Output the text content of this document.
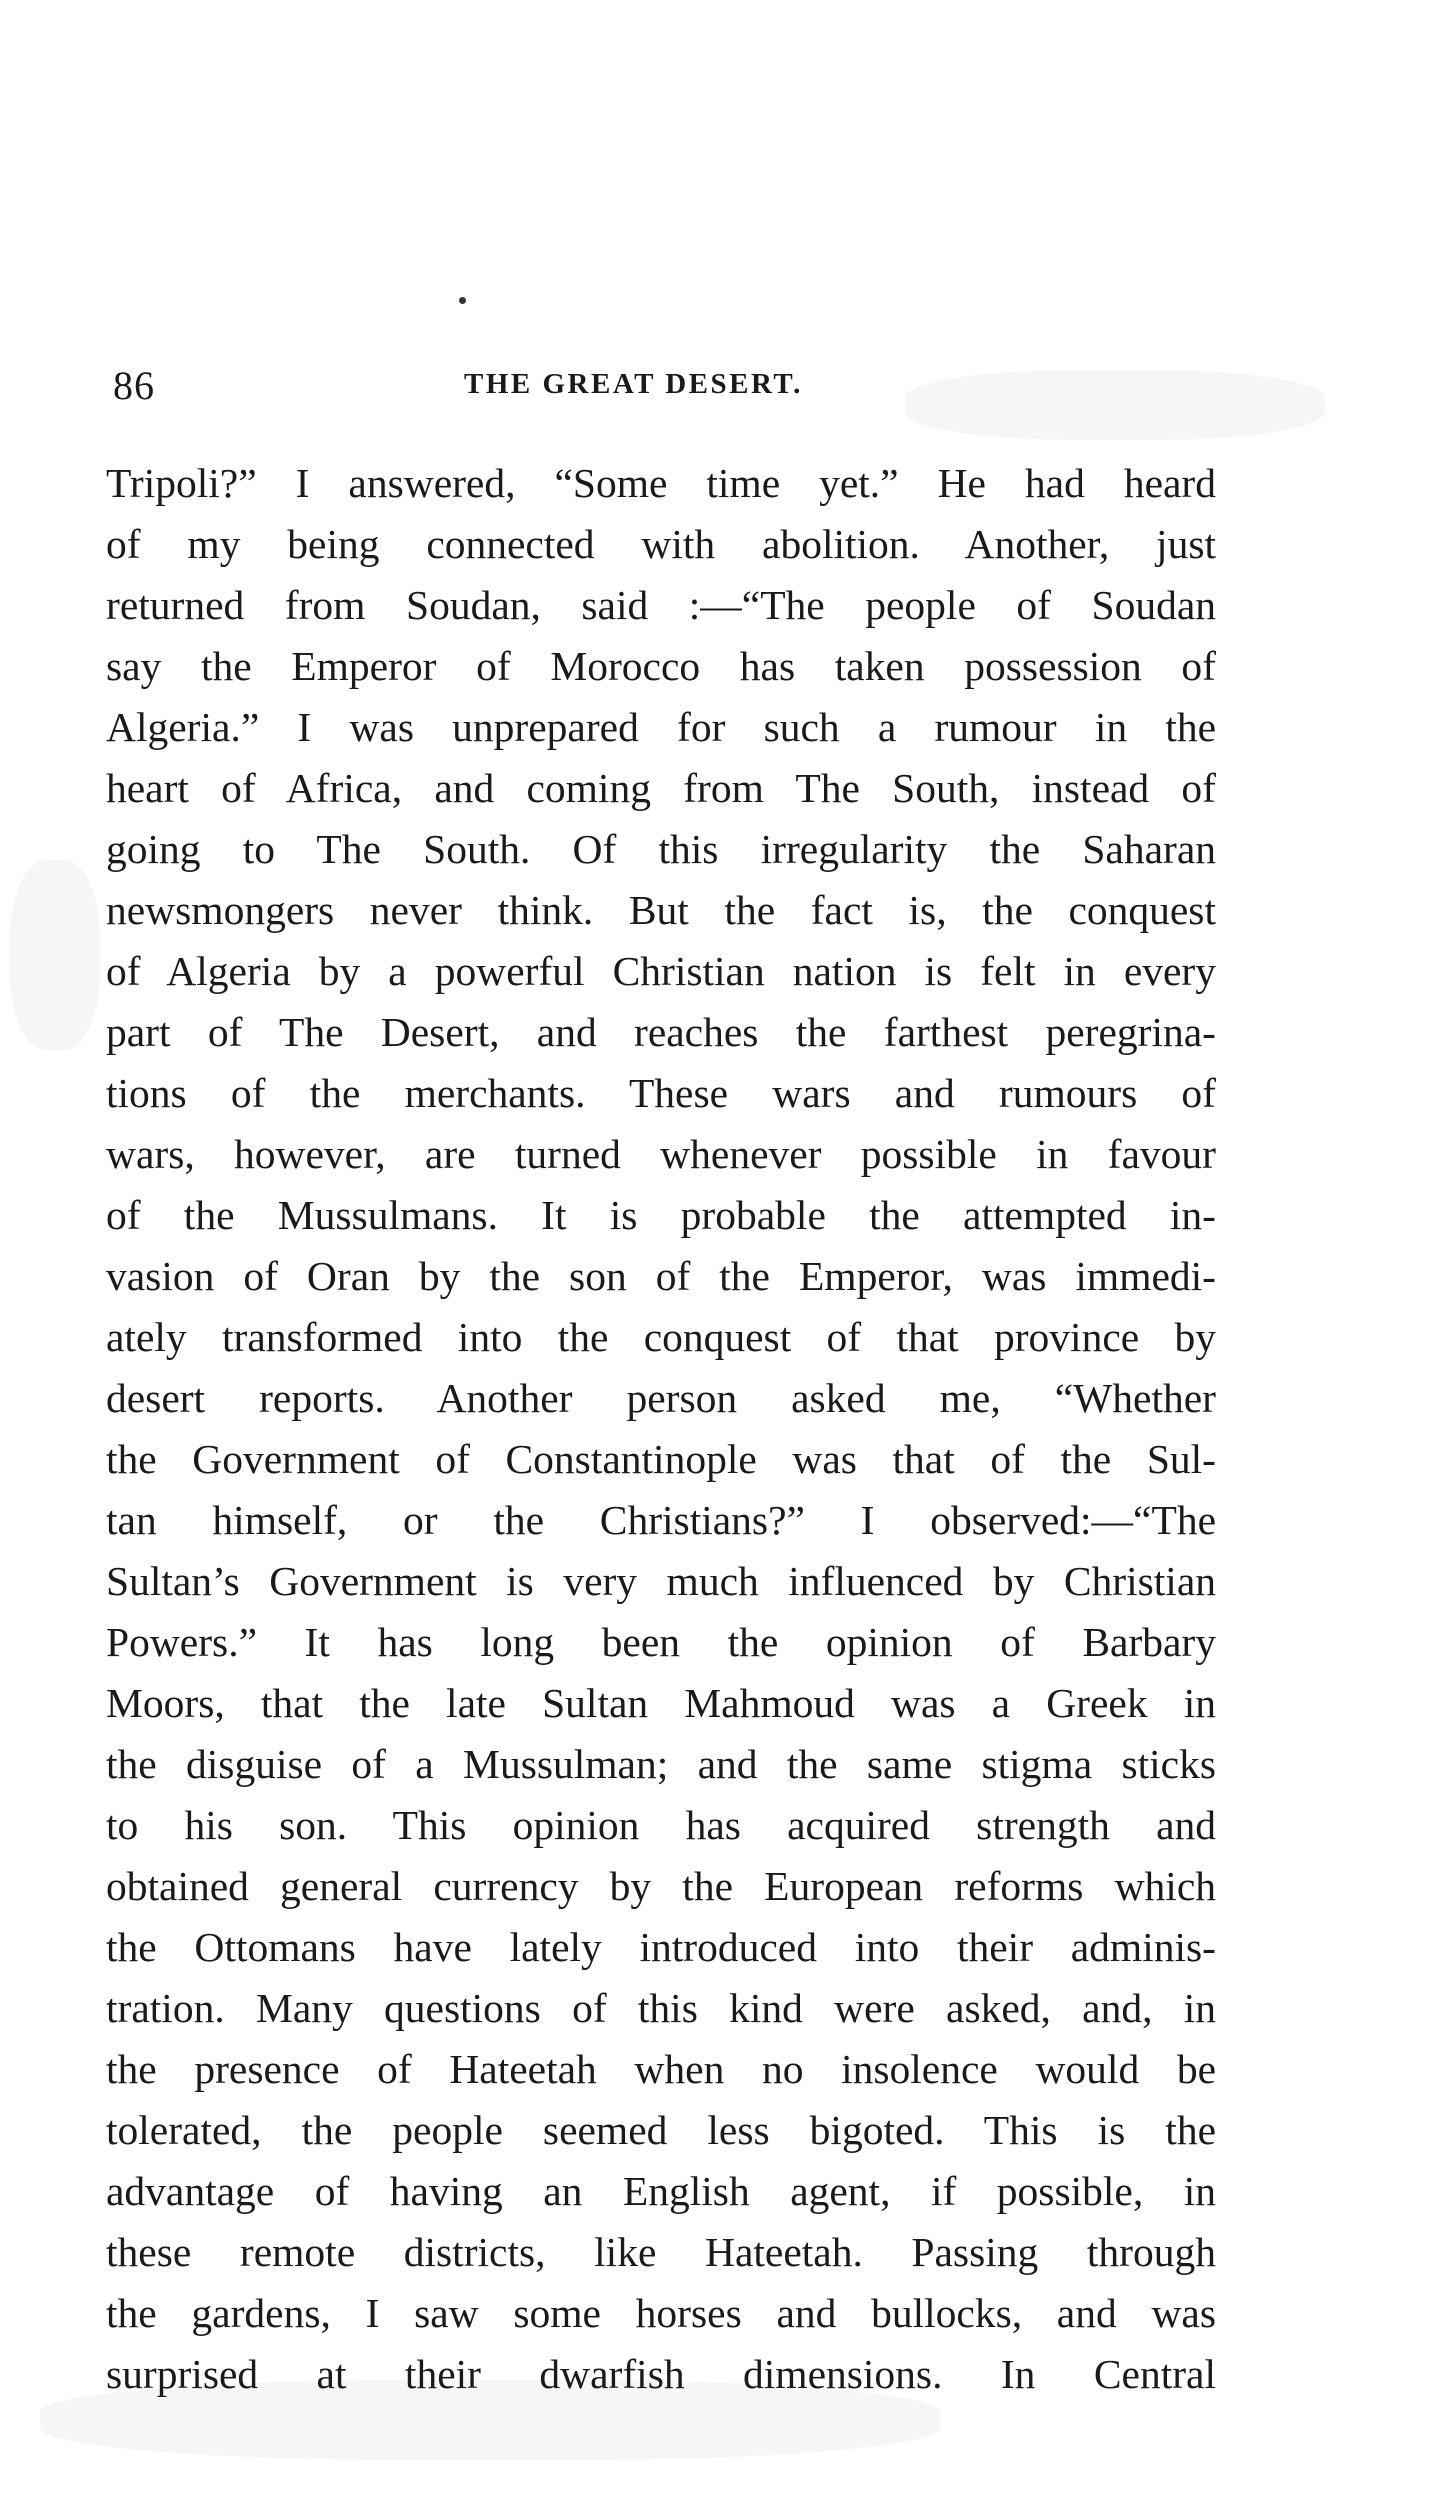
86	THE GREAT DESERT.
Tripoli?” I answered, “Some time yet.” He had heard
of my being connected with abolition. Another, just
returned from Soudan, said :—“The people of Soudan
say the Emperor of Morocco has taken possession of
Algeria.” I was unprepared for such a rumour in the
heart of Africa, and coming from The South, instead of
going to The South. Of this irregularity the Saharan
newsmongers never think. But the fact is, the conquest
of Algeria by a powerful Christian nation is felt in every
part of The Desert, and reaches the farthest peregrina-
tions of the merchants. These wars and rumours of
wars, however, are turned whenever possible in favour
of the Mussulmans. It is probable the attempted in-
vasion of Oran by the son of the Emperor, was immedi-
ately transformed into the conquest of that province by
desert reports. Another person asked me, “Whether
the Government of Constantinople was that of the Sul-
tan himself, or the Christians?” I observed:—“The
Sultan’s Government is very much influenced by Christian
Powers.” It has long been the opinion of Barbary
Moors, that the late Sultan Mahmoud was a Greek in
the disguise of a Mussulman; and the same stigma sticks
to his son. This opinion has acquired strength and
obtained general currency by the European reforms which
the Ottomans have lately introduced into their adminis-
tration. Many questions of this kind were asked, and, in
the presence of Hateetah when no insolence would be
tolerated, the people seemed less bigoted. This is the
advantage of having an English agent, if possible, in
these remote districts, like Hateetah. Passing through
the gardens, I saw some horses and bullocks, and was
surprised at their dwarfish dimensions. In Central
